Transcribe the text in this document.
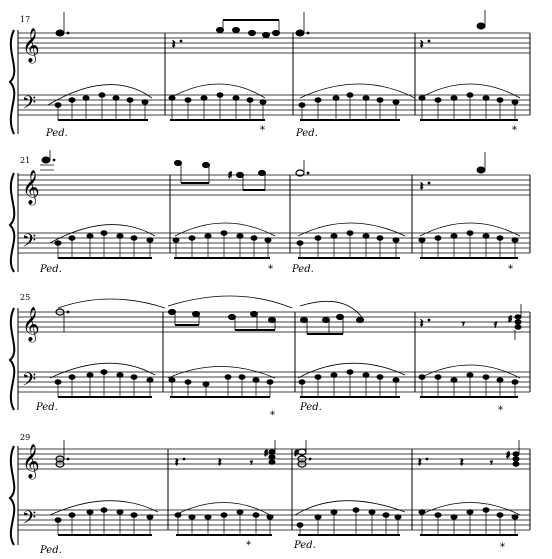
17
𝄞
𝄢
𝄽	𝄽
Ped.	*	Ped.	*
21
𝄞
𝄢
♯
𝄽
Ped.	* Ped.	*
25
𝄞
𝄢
𝄽	𝄾	𝄿 ♯
Ped.
*
Ped.	*
29
𝄞
𝄢
𝄽	𝄽	𝄾
♯	♯
𝄽	𝄽	𝄾
♯
Ped.	*	Ped.	*
